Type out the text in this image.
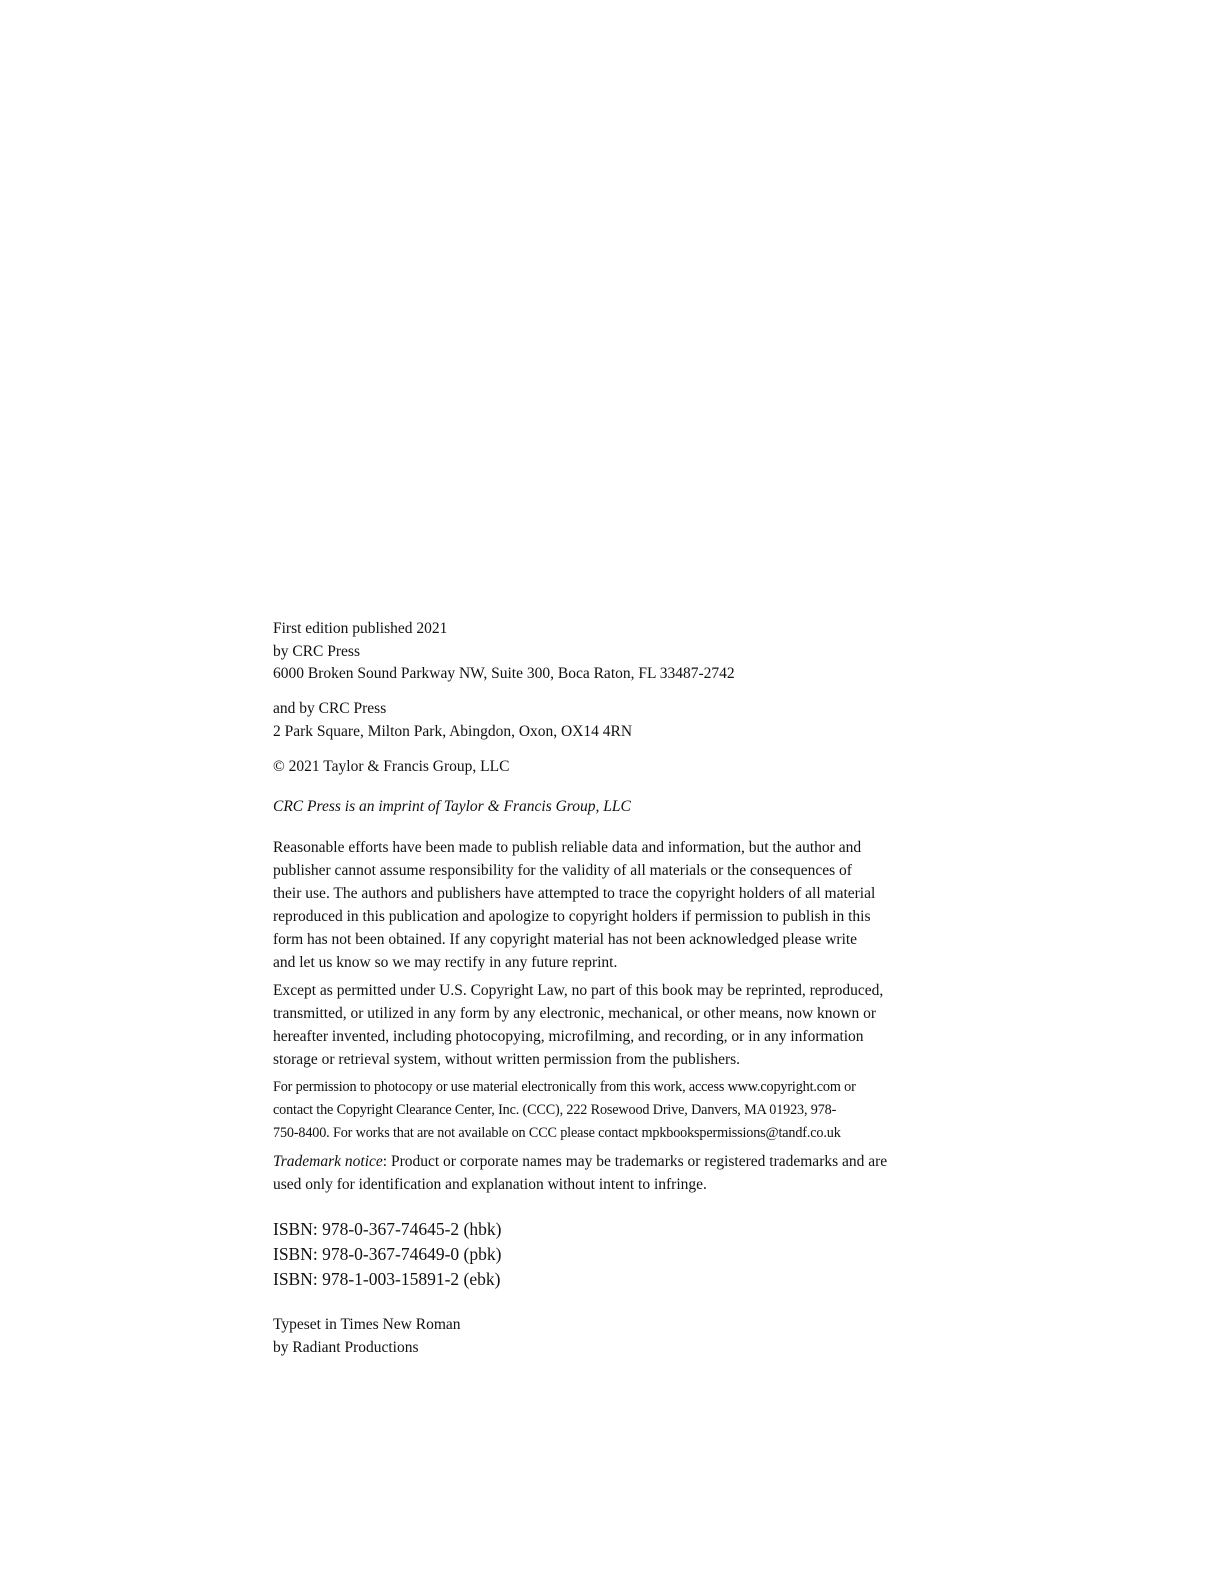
First edition published 2021
by CRC Press
6000 Broken Sound Parkway NW, Suite 300, Boca Raton, FL 33487-2742
and by CRC Press
2 Park Square, Milton Park, Abingdon, Oxon, OX14 4RN
© 2021 Taylor & Francis Group, LLC
CRC Press is an imprint of Taylor & Francis Group, LLC
Reasonable efforts have been made to publish reliable data and information, but the author and
publisher cannot assume responsibility for the validity of all materials or the consequences of
their use. The authors and publishers have attempted to trace the copyright holders of all material
reproduced in this publication and apologize to copyright holders if permission to publish in this
form has not been obtained. If any copyright material has not been acknowledged please write
and let us know so we may rectify in any future reprint.
Except as permitted under U.S. Copyright Law, no part of this book may be reprinted, reproduced,
transmitted, or utilized in any form by any electronic, mechanical, or other means, now known or
hereafter invented, including photocopying, microfilming, and recording, or in any information
storage or retrieval system, without written permission from the publishers.
For permission to photocopy or use material electronically from this work, access www.copyright.com or
contact the Copyright Clearance Center, Inc. (CCC), 222 Rosewood Drive, Danvers, MA 01923, 978-
750-8400. For works that are not available on CCC please contact mpkbookspermissions@tandf.co.uk
Trademark notice: Product or corporate names may be trademarks or registered trademarks and are
used only for identification and explanation without intent to infringe.
ISBN: 978-0-367-74645-2 (hbk)
ISBN: 978-0-367-74649-0 (pbk)
ISBN: 978-1-003-15891-2 (ebk)
Typeset in Times New Roman
by Radiant Productions
